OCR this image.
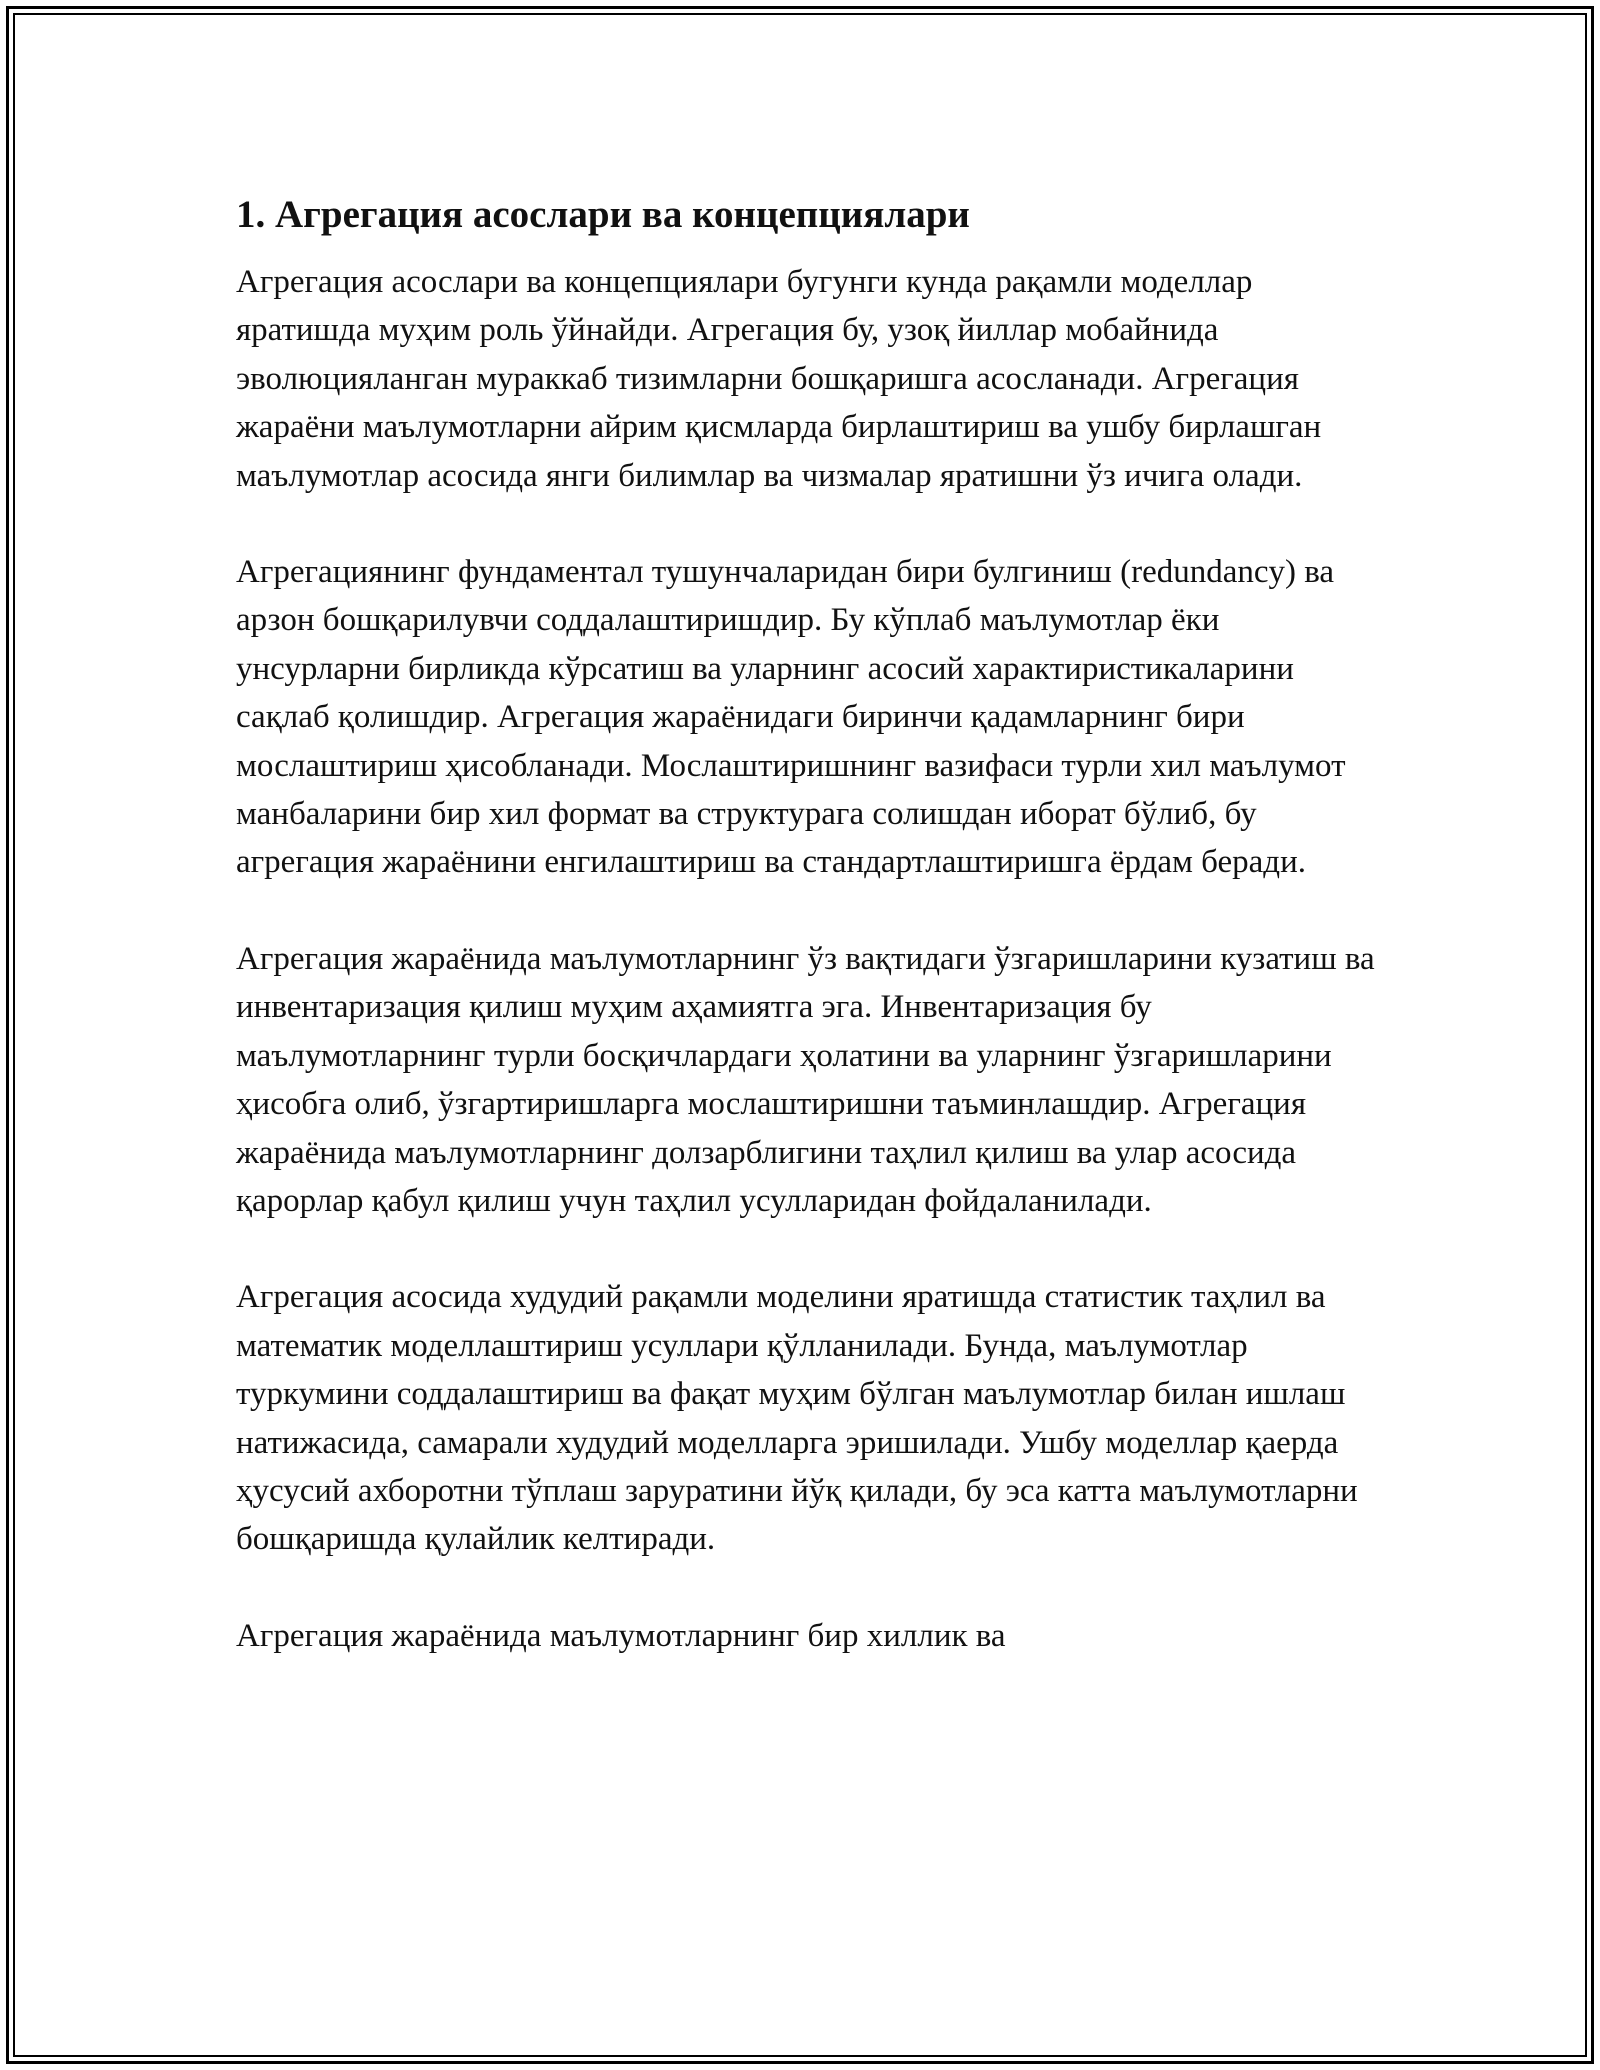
1. Агрегация асослари ва концепциялари

Агрегация асослари ва концепциялари бугунги кунда рақамли моделлар яратишда муҳим роль ўйнайди. Агрегация бу, узоқ йиллар мобайнида эволюцияланган мураккаб тизимларни бошқаришга асосланади. Агрегация жараёни маълумотларни айрим қисмларда бирлаштириш ва ушбу бирлашган маълумотлар асосида янги билимлар ва чизмалар яратишни ўз ичига олади.

Агрегациянинг фундаментал тушунчаларидан бири булгиниш (redundancy) ва арзон бошқарилувчи соддалаштиришдир. Бу кўплаб маълумотлар ёки унсурларни бирликда кўрсатиш ва уларнинг асосий характиристикаларини сақлаб қолишдир. Агрегация жараёнидаги биринчи қадамларнинг бири мослаштириш ҳисобланади. Мослаштиришнинг вазифаси турли хил маълумот манбаларини бир хил формат ва структурага солишдан иборат бўлиб, бу агрегация жараёнини енгилаштириш ва стандартлаштиришга ёрдам беради.

Агрегация жараёнида маълумотларнинг ўз вақтидаги ўзгаришларини кузатиш ва инвентаризация қилиш муҳим аҳамиятга эга. Инвентаризация бу маълумотларнинг турли босқичлардаги ҳолатини ва уларнинг ўзгаришларини ҳисобга олиб, ўзгартиришларга мослаштиришни таъминлашдир. Агрегация жараёнида маълумотларнинг долзарблигини таҳлил қилиш ва улар асосида қарорлар қабул қилиш учун таҳлил усулларидан фойдаланилади.

Агрегация асосида худудий рақамли моделини яратишда статистик таҳлил ва математик моделлаштириш усуллари қўлланилади. Бунда, маълумотлар туркумини соддалаштириш ва фақат муҳим бўлган маълумотлар билан ишлаш натижасида, самарали худудий моделларга эришилади. Ушбу моделлар қаерда ҳусусий ахборотни тўплаш заруратини йўқ қилади, бу эса катта маълумотларни бошқаришда қулайлик келтиради.

Агрегация жараёнида маълумотларнинг бир хиллик ва
